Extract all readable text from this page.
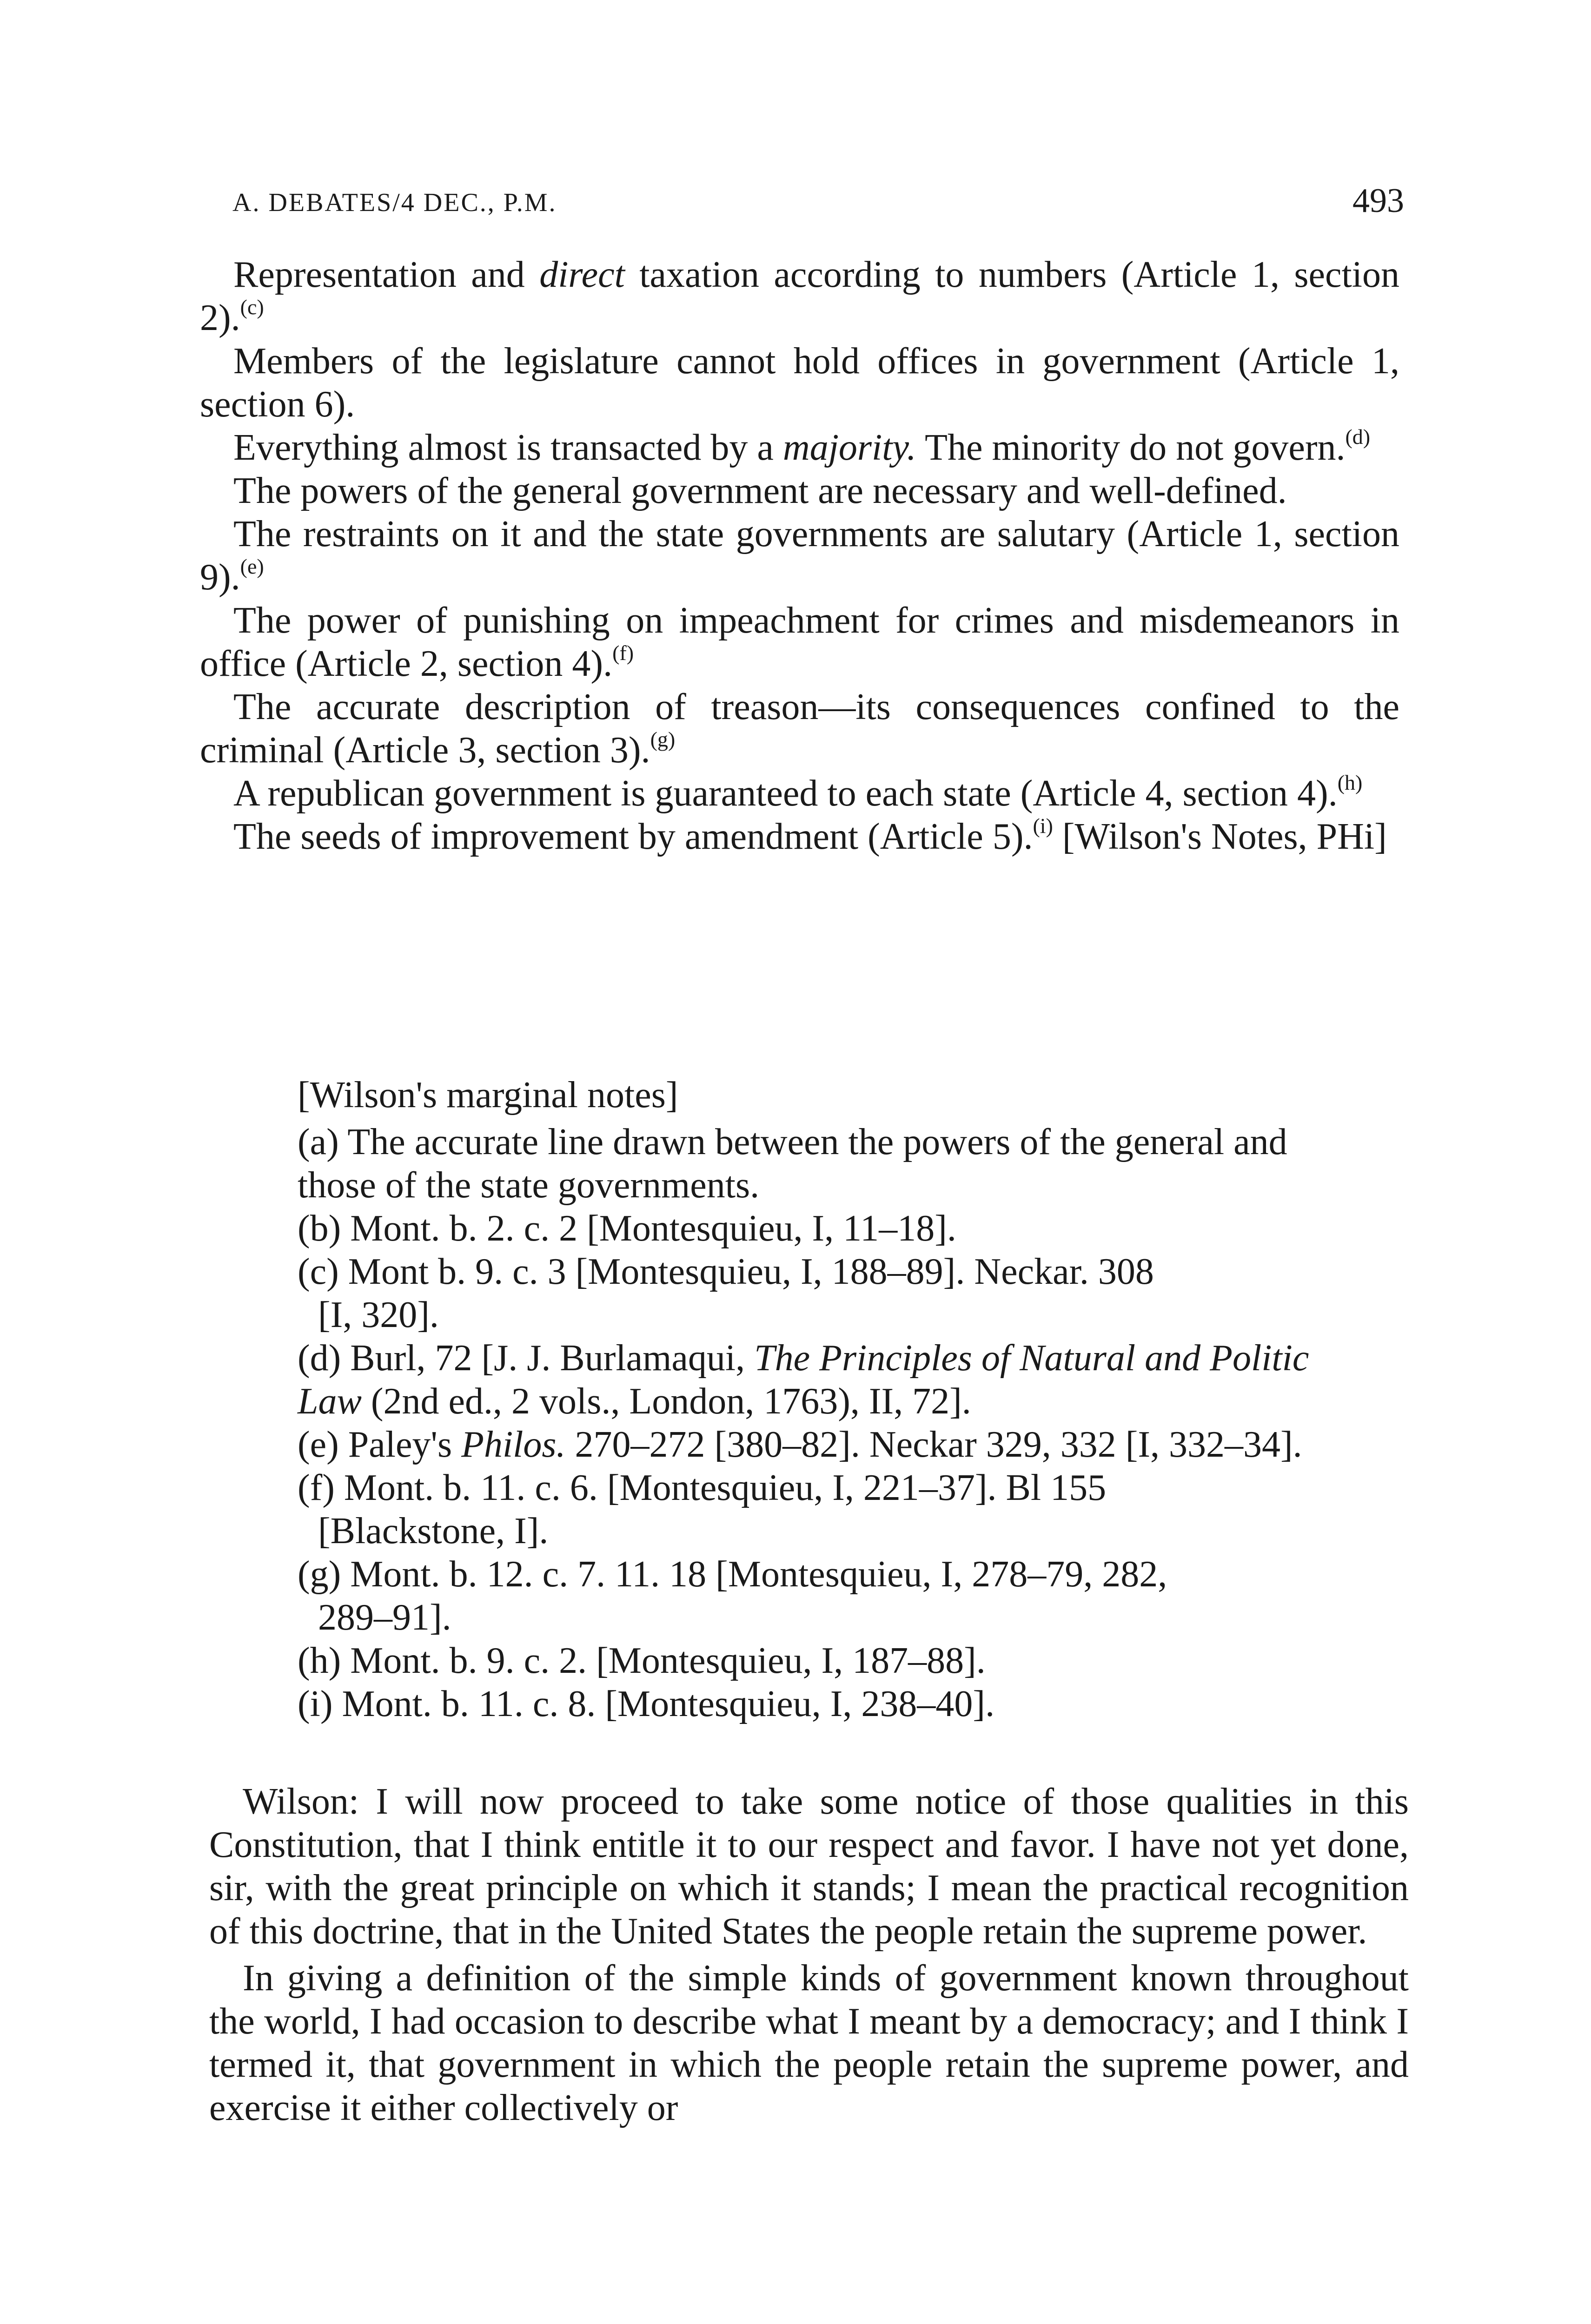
A. DEBATES/4 DEC., P.M.	493

Representation and direct taxation according to numbers (Article 1, section 2).$^{(c)}$

Members of the legislature cannot hold offices in government (Article 1, section 6).

Everything almost is transacted by a majority. The minority do not govern.$^{(d)}$

The powers of the general government are necessary and well-defined.

The restraints on it and the state governments are salutary (Article 1, section 9).$^{(e)}$

The power of punishing on impeachment for crimes and misdemeanors in office (Article 2, section 4).$^{(f)}$

The accurate description of treason—its consequences confined to the criminal (Article 3, section 3).$^{(g)}$

A republican government is guaranteed to each state (Article 4, section 4).$^{(h)}$

The seeds of improvement by amendment (Article 5).$^{(i)}$ [Wilson's Notes, PHi]

[Wilson's marginal notes]

(a) The accurate line drawn between the powers of the general and those of the state governments.

(b) Mont. b. 2. c. 2 [Montesquieu, I, 11–18].

(c) Mont b. 9. c. 3 [Montesquieu, I, 188–89]. Neckar. 308

[I, 320].

(d) Burl, 72 [J. J. Burlamaqui, The Principles of Natural and Politic Law (2nd ed., 2 vols., London, 1763), II, 72].

(e) Paley's Philos. 270–272 [380–82]. Neckar 329, 332 [I, 332–34].

(f) Mont. b. 11. c. 6. [Montesquieu, I, 221–37]. Bl 155

[Blackstone, I].

(g) Mont. b. 12. c. 7. 11. 18 [Montesquieu, I, 278–79, 282,

289–91].

(h) Mont. b. 9. c. 2. [Montesquieu, I, 187–88].

(i) Mont. b. 11. c. 8. [Montesquieu, I, 238–40].

Wilson: I will now proceed to take some notice of those qualities in this Constitution, that I think entitle it to our respect and favor. I have not yet done, sir, with the great principle on which it stands; I mean the practical recognition of this doctrine, that in the United States the people retain the supreme power.

In giving a definition of the simple kinds of government known throughout the world, I had occasion to describe what I meant by a democracy; and I think I termed it, that government in which the people retain the supreme power, and exercise it either collectively or
